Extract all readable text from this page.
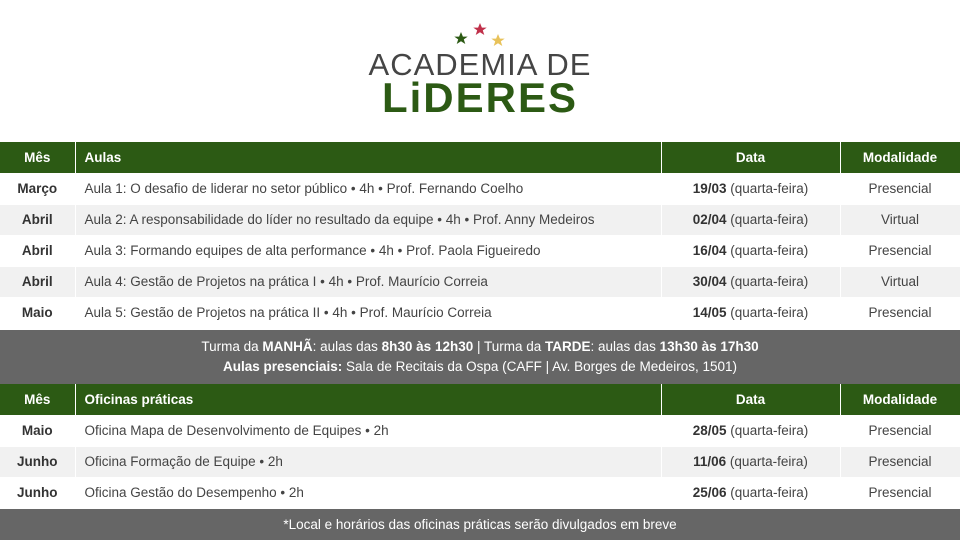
ACADEMIA DE
LiDERES
Mês	Aulas	Data	Modalidade
Março	Aula 1: O desafio de liderar no setor público • 4h • Prof. Fernando Coelho	19/03 (quarta-feira)	Presencial
Abril	Aula 2: A responsabilidade do líder no resultado da equipe • 4h • Prof. Anny Medeiros	02/04 (quarta-feira)	Virtual
Abril	Aula 3: Formando equipes de alta performance • 4h • Prof. Paola Figueiredo	16/04 (quarta-feira)	Presencial
Abril	Aula 4: Gestão de Projetos na prática I • 4h • Prof. Maurício Correia	30/04 (quarta-feira)	Virtual
Maio	Aula 5: Gestão de Projetos na prática II • 4h • Prof. Maurício Correia	14/05 (quarta-feira)	Presencial
Turma da MANHÃ: aulas das 8h30 às 12h30 | Turma da TARDE: aulas das 13h30 às 17h30
Aulas presenciais: Sala de Recitais da Ospa (CAFF | Av. Borges de Medeiros, 1501)
Mês	Oficinas práticas	Data	Modalidade
Maio	Oficina Mapa de Desenvolvimento de Equipes • 2h	28/05 (quarta-feira)	Presencial
Junho	Oficina Formação de Equipe • 2h	11/06 (quarta-feira)	Presencial
Junho	Oficina Gestão do Desempenho • 2h	25/06 (quarta-feira)	Presencial
*Local e horários das oficinas práticas serão divulgados em breve
